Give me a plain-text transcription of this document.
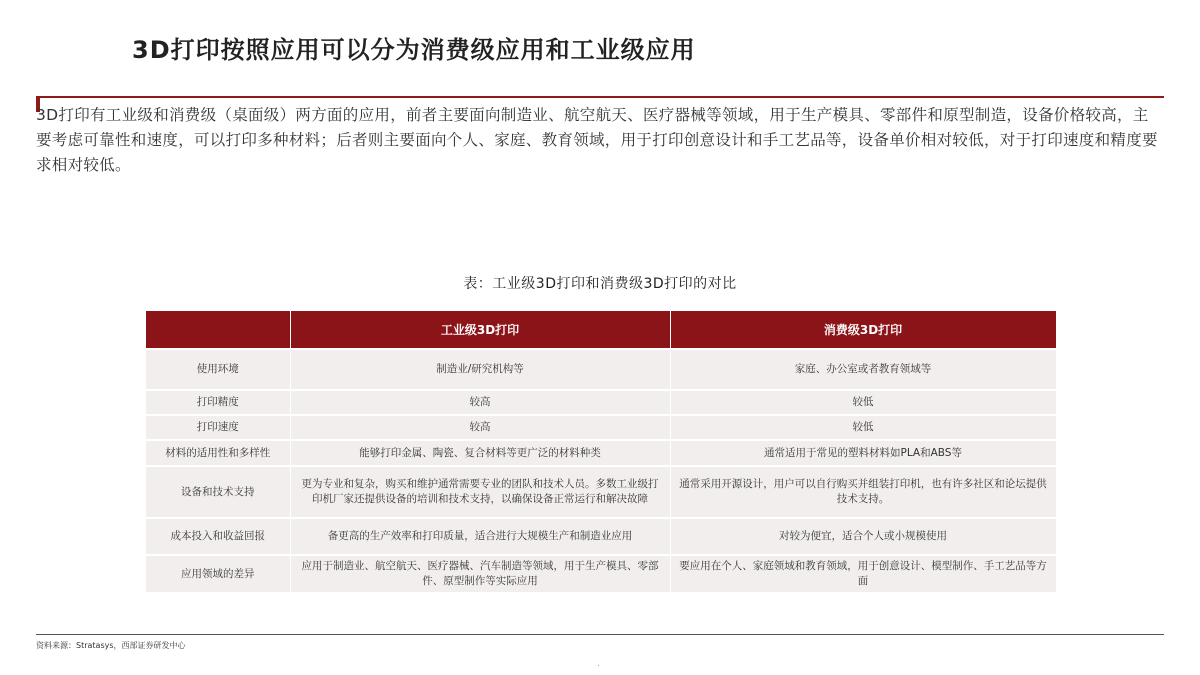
3D打印按照应用可以分为消费级应用和工业级应用
3D打印有工业级和消费级（桌面级）两方面的应用，前者主要面向制造业、航空航天、医疗器械等领域，用于生产模具、零部件和原型制造，设备价格较高，主要考虑可靠性和速度，可以打印多种材料；后者则主要面向个人、家庭、教育领域，用于打印创意设计和手工艺品等，设备单价相对较低，对于打印速度和精度要求相对较低。
表：工业级3D打印和消费级3D打印的对比
	工业级3D打印	消费级3D打印
使用环境	制造业/研究机构等	家庭、办公室或者教育领域等
打印精度	较高	较低
打印速度	较高	较低
材料的适用性和多样性	能够打印金属、陶瓷、复合材料等更广泛的材料种类	通常适用于常见的塑料材料如PLA和ABS等
设备和技术支持	更为专业和复杂，购买和维护通常需要专业的团队和技术人员。多数工业级打印机厂家还提供设备的培训和技术支持，以确保设备正常运行和解决故障	通常采用开源设计，用户可以自行购买并组装打印机，也有许多社区和论坛提供技术支持。
成本投入和收益回报	备更高的生产效率和打印质量，适合进行大规模生产和制造业应用	对较为便宜，适合个人或小规模使用
应用领域的差异	应用于制造业、航空航天、医疗器械、汽车制造等领域，用于生产模具、零部件、原型制作等实际应用	要应用在个人、家庭领域和教育领域，用于创意设计、模型制作、手工艺品等方面
资料来源：Stratasys，西部证券研发中心
·
